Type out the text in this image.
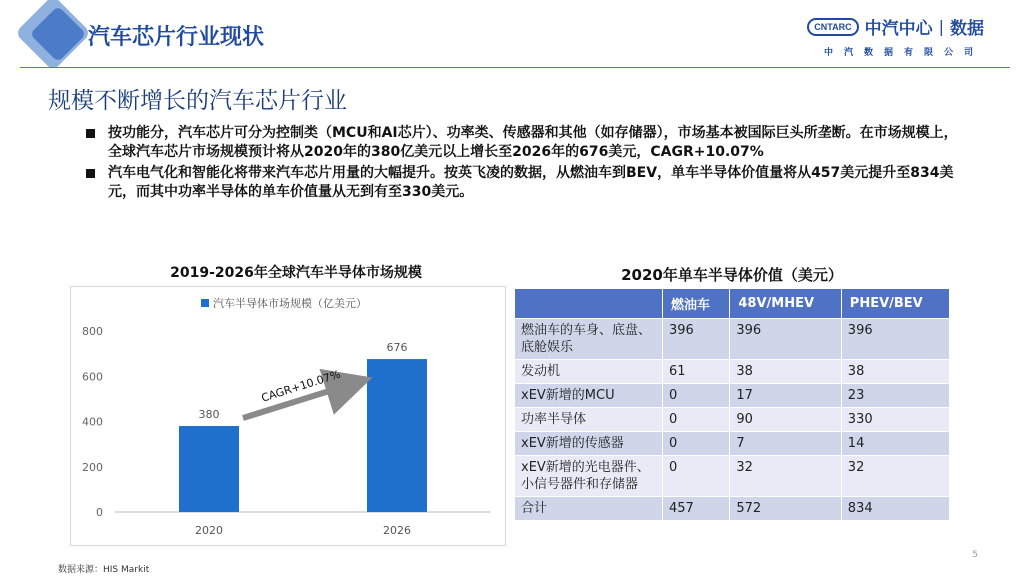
汽车芯片行业现状	CNTARC 中汽中心 | 数据
中汽数据有限公司
规模不断增长的汽车芯片行业
按功能分，汽车芯片可分为控制类（MCU和AI芯片）、功率类、传感器和其他（如存储器），市场基本被国际巨头所垄断。在市场规模上，全球汽车芯片市场规模预计将从2020年的380亿美元以上增长至2026年的676美元，CAGR+10.07%
汽车电气化和智能化将带来汽车芯片用量的大幅提升。按英飞凌的数据，从燃油车到BEV，单车半导体价值量将从457美元提升至834美元，而其中功率半导体的单车价值量从无到有至330美元。
2019-2026年全球汽车半导体市场规模
汽车半导体市场规模（亿美元）
0
200
400
600
800
380
2020
676
2026
CAGR+10.07%
2020年单车半导体价值（美元）
	燃油车	48V/MHEV	PHEV/BEV
燃油车的车身、底盘、底舱娱乐	396	396	396
发动机	61	38	38
xEV新增的MCU	0	17	23
功率半导体	0	90	330
xEV新增的传感器	0	7	14
xEV新增的光电器件、小信号器件和存储器	0	32	32
合计	457	572	834
数据来源：HIS Markit
5
